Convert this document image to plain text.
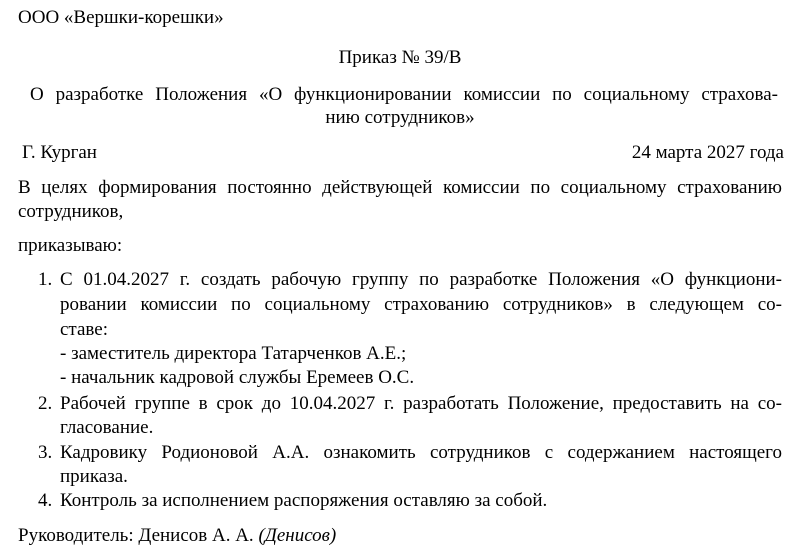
ООО «Вершки-корешки»
Приказ № 39/В
О разработке Положения «О функционировании комиссии по социальному страхова-
нию сотрудников»
Г. Курган	24 марта 2027 года
В целях формирования постоянно действующей комиссии по социальному страхованию
сотрудников,
приказываю:
1. С 01.04.2027 г. создать рабочую группу по разработке Положения «О функциони-
ровании комиссии по социальному страхованию сотрудников» в следующем со-
ставе:
- заместитель директора Татарченков А.Е.;
- начальник кадровой службы Еремеев О.С.
2. Рабочей группе в срок до 10.04.2027 г. разработать Положение, предоставить на со-
гласование.
3. Кадровику Родионовой А.А. ознакомить сотрудников с содержанием настоящего
приказа.
4. Контроль за исполнением распоряжения оставляю за собой.
Руководитель: Денисов А. А. (Денисов)
